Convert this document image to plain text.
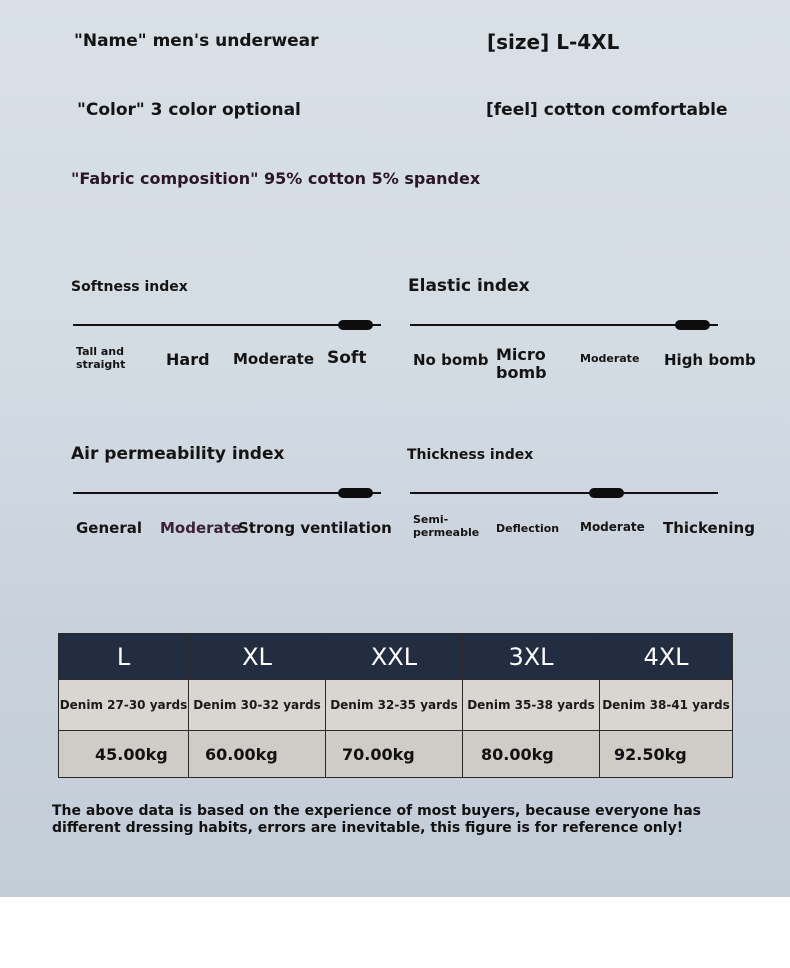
"Name" men's underwear	[size] L-4XL
"Color" 3 color optional	[feel] cotton comfortable
"Fabric composition" 95% cotton 5% spandex
Softness index
Tall and straight	Hard Moderate Soft
Elastic index
No bomb Micro bomb
Moderate High bomb
Air permeability index
General Moderate
Strong ventilation
Thickness index
Semi-permeable Deflection Moderate Thickening
L	XL	XXL	3XL	4XL
Denim 27-30 yards	Denim 30-32 yards	Denim 32-35 yards	Denim 35-38 yards	Denim 38-41 yards
45.00kg	60.00kg	70.00kg	80.00kg	92.50kg
The above data is based on the experience of most buyers, because everyone has different dressing habits, errors are inevitable, this figure is for reference only!
